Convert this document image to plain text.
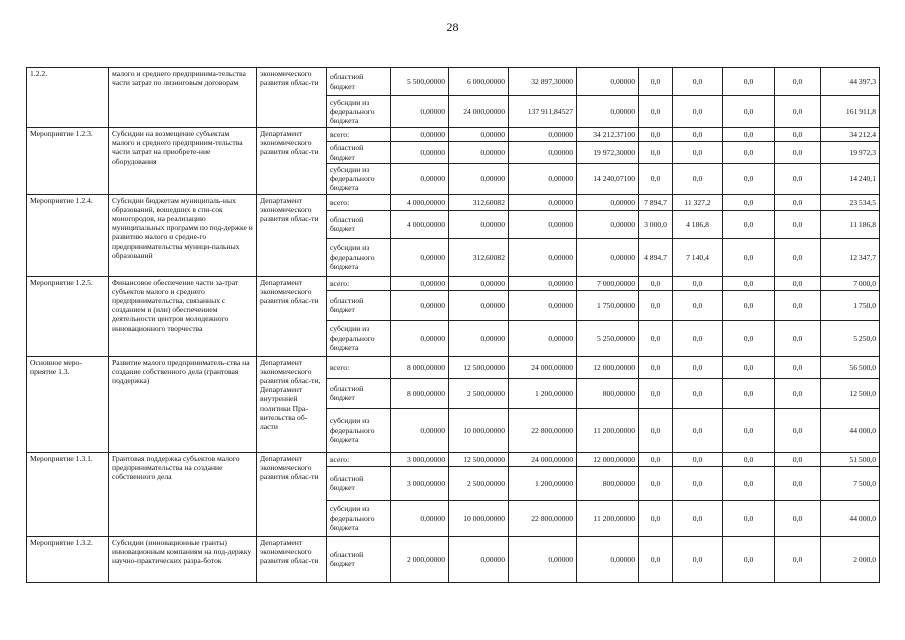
28
1.2.2.	малого и среднего предпринима-тельства части затрат по лизинговым договорам	экономического развития облас-ти	областной бюджет	5 500,00000	6 000,00000	32 897,30000	0,00000	0,0	0,0	0,0	0,0	44 397,3
			субсидии из федерального бюджета	0,00000	24 000,00000	137 911,84527	0,00000	0,0	0,0	0,0	0,0	161 911,8
Мероприятие 1.2.3.	Субсидии на возмещение субъектам малого и среднего предприним-тельства части затрат на приобрете-ние оборудования	Департамент экономического развития облас-ти	всего:	0,00000	0,00000	0,00000	34 212,37100	0,0	0,0	0,0	0,0	34 212,4
			областной бюджет	0,00000	0,00000	0,00000	19 972,30000	0,0	0,0	0,0	0,0	19 972,3
			субсидии из федерального бюджета	0,00000	0,00000	0,00000	14 240,07100	0,0	0,0	0,0	0,0	14 240,1
Мероприятие 1.2.4.	Субсидии бюджетам муниципаль-ных образований, вошедших в спи-сок моногородов, на реализацию муниципальных программ по под-держке и развитию малого и средне-го предпринимательства муници-пальных образований	Департамент экономического развития облас-ти	всего:	4 000,00000	312,60082	0,00000	0,00000	7 894,7	11 327,2	0,0	0,0	23 534,5
			областной бюджет	4 000,00000	0,00000	0,00000	0,00000	3 000,0	4 186,8	0,0	0,0	11 186,8
			субсидии из федерального бюджета	0,00000	312,60082	0,00000	0,00000	4 894,7	7 140,4	0,0	0,0	12 347,7
Мероприятие 1.2.5.	Финансовое обеспечение части за-трат субъектов малого и среднего предпринимательства, связанных с созданием и (или) обеспечением деятельности центров молодежного инновационного творчества	Департамент экономического развития облас-ти	всего:	0,00000	0,00000	0,00000	7 000,00000	0,0	0,0	0,0	0,0	7 000,0
			областной бюджет	0,00000	0,00000	0,00000	1 750,00000	0,0	0,0	0,0	0,0	1 750,0
			субсидии из федерального бюджета	0,00000	0,00000	0,00000	5 250,00000	0,0	0,0	0,0	0,0	5 250,0
Основное меро-приятие 1.3.	Развитие малого предприниматель-ства на создание собственного дела (грантовая поддержка)	Департамент экономического развития облас-ти, Департамент внутренней политики Пра-вительства об-ласти	всего:	8 000,00000	12 500,00000	24 000,00000	12 000,00000	0,0	0,0	0,0	0,0	56 500,0
			областной бюджет	8 000,00000	2 500,00000	1 200,00000	800,00000	0,0	0,0	0,0	0,0	12 500,0
			субсидии из федерального бюджета	0,00000	10 000,00000	22 800,00000	11 200,00000	0,0	0,0	0,0	0,0	44 000,0
Мероприятие 1.3.1.	Грантовая поддержка субъектов малого предпринимательства на создание собственного дела	Департамент экономического развития облас-ти	всего:	3 000,00000	12 500,00000	24 000,00000	12 000,00000	0,0	0,0	0,0	0,0	51 500,0
			областной бюджет	3 000,00000	2 500,00000	1 200,00000	800,00000	0,0	0,0	0,0	0,0	7 500,0
			субсидии из федерального бюджета	0,00000	10 000,00000	22 800,00000	11 200,00000	0,0	0,0	0,0	0,0	44 000,0
Мероприятие 1.3.2.	Субсидии (инновационные гранты) инновационным компаниям на под-держку научно-практических разра-боток	Департамент экономического развития облас-ти	областной бюджет	2 000,00000	0,00000	0,00000	0,00000	0,0	0,0	0,0	0,0	2 000,0
